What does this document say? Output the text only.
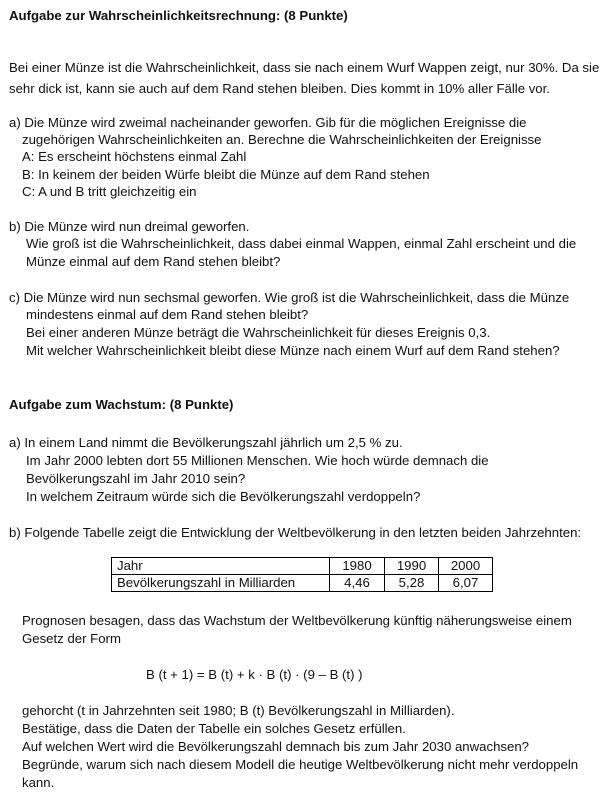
Aufgabe zur Wahrscheinlichkeitsrechnung: (8 Punkte)
Bei einer Münze ist die Wahrscheinlichkeit, dass sie nach einem Wurf Wappen zeigt, nur 30%. Da sie
sehr dick ist, kann sie auch auf dem Rand stehen bleiben. Dies kommt in 10% aller Fälle vor.
a) Die Münze wird zweimal nacheinander geworfen. Gib für die möglichen Ereignisse die
zugehörigen Wahrscheinlichkeiten an. Berechne die Wahrscheinlichkeiten der Ereignisse
A: Es erscheint höchstens einmal Zahl
B: In keinem der beiden Würfe bleibt die Münze auf dem Rand stehen
C: A und B tritt gleichzeitig ein
b) Die Münze wird nun dreimal geworfen.
Wie groß ist die Wahrscheinlichkeit, dass dabei einmal Wappen, einmal Zahl erscheint und die
Münze einmal auf dem Rand stehen bleibt?
c) Die Münze wird nun sechsmal geworfen. Wie groß ist die Wahrscheinlichkeit, dass die Münze
mindestens einmal auf dem Rand stehen bleibt?
Bei einer anderen Münze beträgt die Wahrscheinlichkeit für dieses Ereignis 0,3.
Mit welcher Wahrscheinlichkeit bleibt diese Münze nach einem Wurf auf dem Rand stehen?
Aufgabe zum Wachstum: (8 Punkte)
a) In einem Land nimmt die Bevölkerungszahl jährlich um 2,5 % zu.
Im Jahr 2000 lebten dort 55 Millionen Menschen. Wie hoch würde demnach die
Bevölkerungszahl im Jahr 2010 sein?
In welchem Zeitraum würde sich die Bevölkerungszahl verdoppeln?
b) Folgende Tabelle zeigt die Entwicklung der Weltbevölkerung in den letzten beiden Jahrzehnten:
Jahr	1980	1990	2000
Bevölkerungszahl in Milliarden	4,46	5,28	6,07
Prognosen besagen, dass das Wachstum der Weltbevölkerung künftig näherungsweise einem
Gesetz der Form
B (t + 1) = B (t) + k · B (t) · (9 – B (t) )
gehorcht (t in Jahrzehnten seit 1980; B (t) Bevölkerungszahl in Milliarden).
Bestätige, dass die Daten der Tabelle ein solches Gesetz erfüllen.
Auf welchen Wert wird die Bevölkerungszahl demnach bis zum Jahr 2030 anwachsen?
Begründe, warum sich nach diesem Modell die heutige Weltbevölkerung nicht mehr verdoppeln
kann.
